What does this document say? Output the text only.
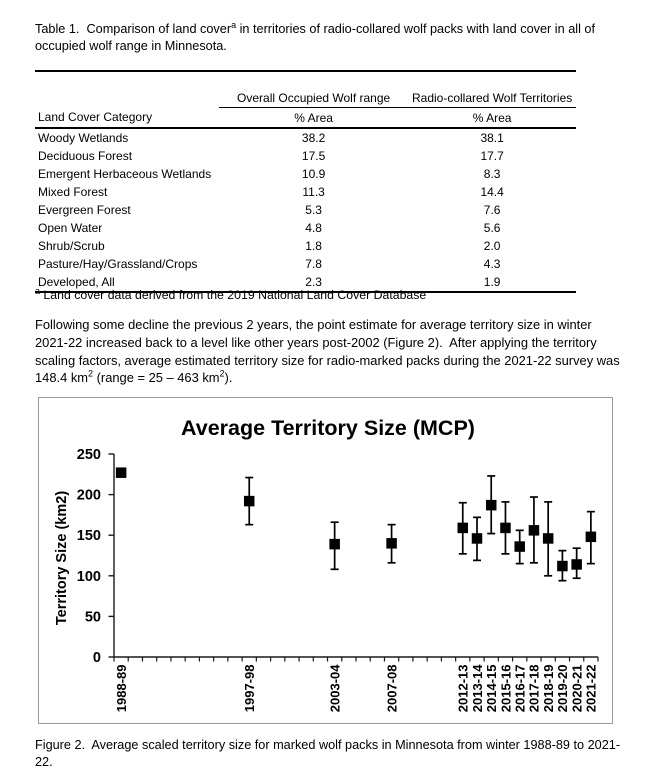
Table 1.  Comparison of land cover$^a$ in territories of radio-collared wolf packs with land cover in all of occupied wolf range in Minnesota.

	Overall Occupied Wolf range	Radio-collared Wolf Territories
Land Cover Category	% Area	% Area
Woody Wetlands	38.2	38.1
Deciduous Forest	17.5	17.7
Emergent Herbaceous Wetlands	10.9	8.3
Mixed Forest	11.3	14.4
Evergreen Forest	5.3	7.6
Open Water	4.8	5.6
Shrub/Scrub	1.8	2.0
Pasture/Hay/Grassland/Crops	7.8	4.3
Developed, All	2.3	1.9

$^a$ Land cover data derived from the 2019 National Land Cover Database

Following some decline the previous 2 years, the point estimate for average territory size in winter 2021-22 increased back to a level like other years post-2002 (Figure 2).  After applying the territory scaling factors, average estimated territory size for radio-marked packs during the 2021-22 survey was 148.4 $km^2$ (range = 25 – 463 $km^2$).

Average Territory Size (MCP)
Territory Size (km2)
0
50
100
150
200
250
1988-89	1997-98	2003-04	2007-08	2012-13 2013-14 2014-15 2015-16 2016-17 2017-18 2018-19 2019-20 2020-21 2021-22

Figure 2.  Average scaled territory size for marked wolf packs in Minnesota from winter 1988-89 to 2021-22.
